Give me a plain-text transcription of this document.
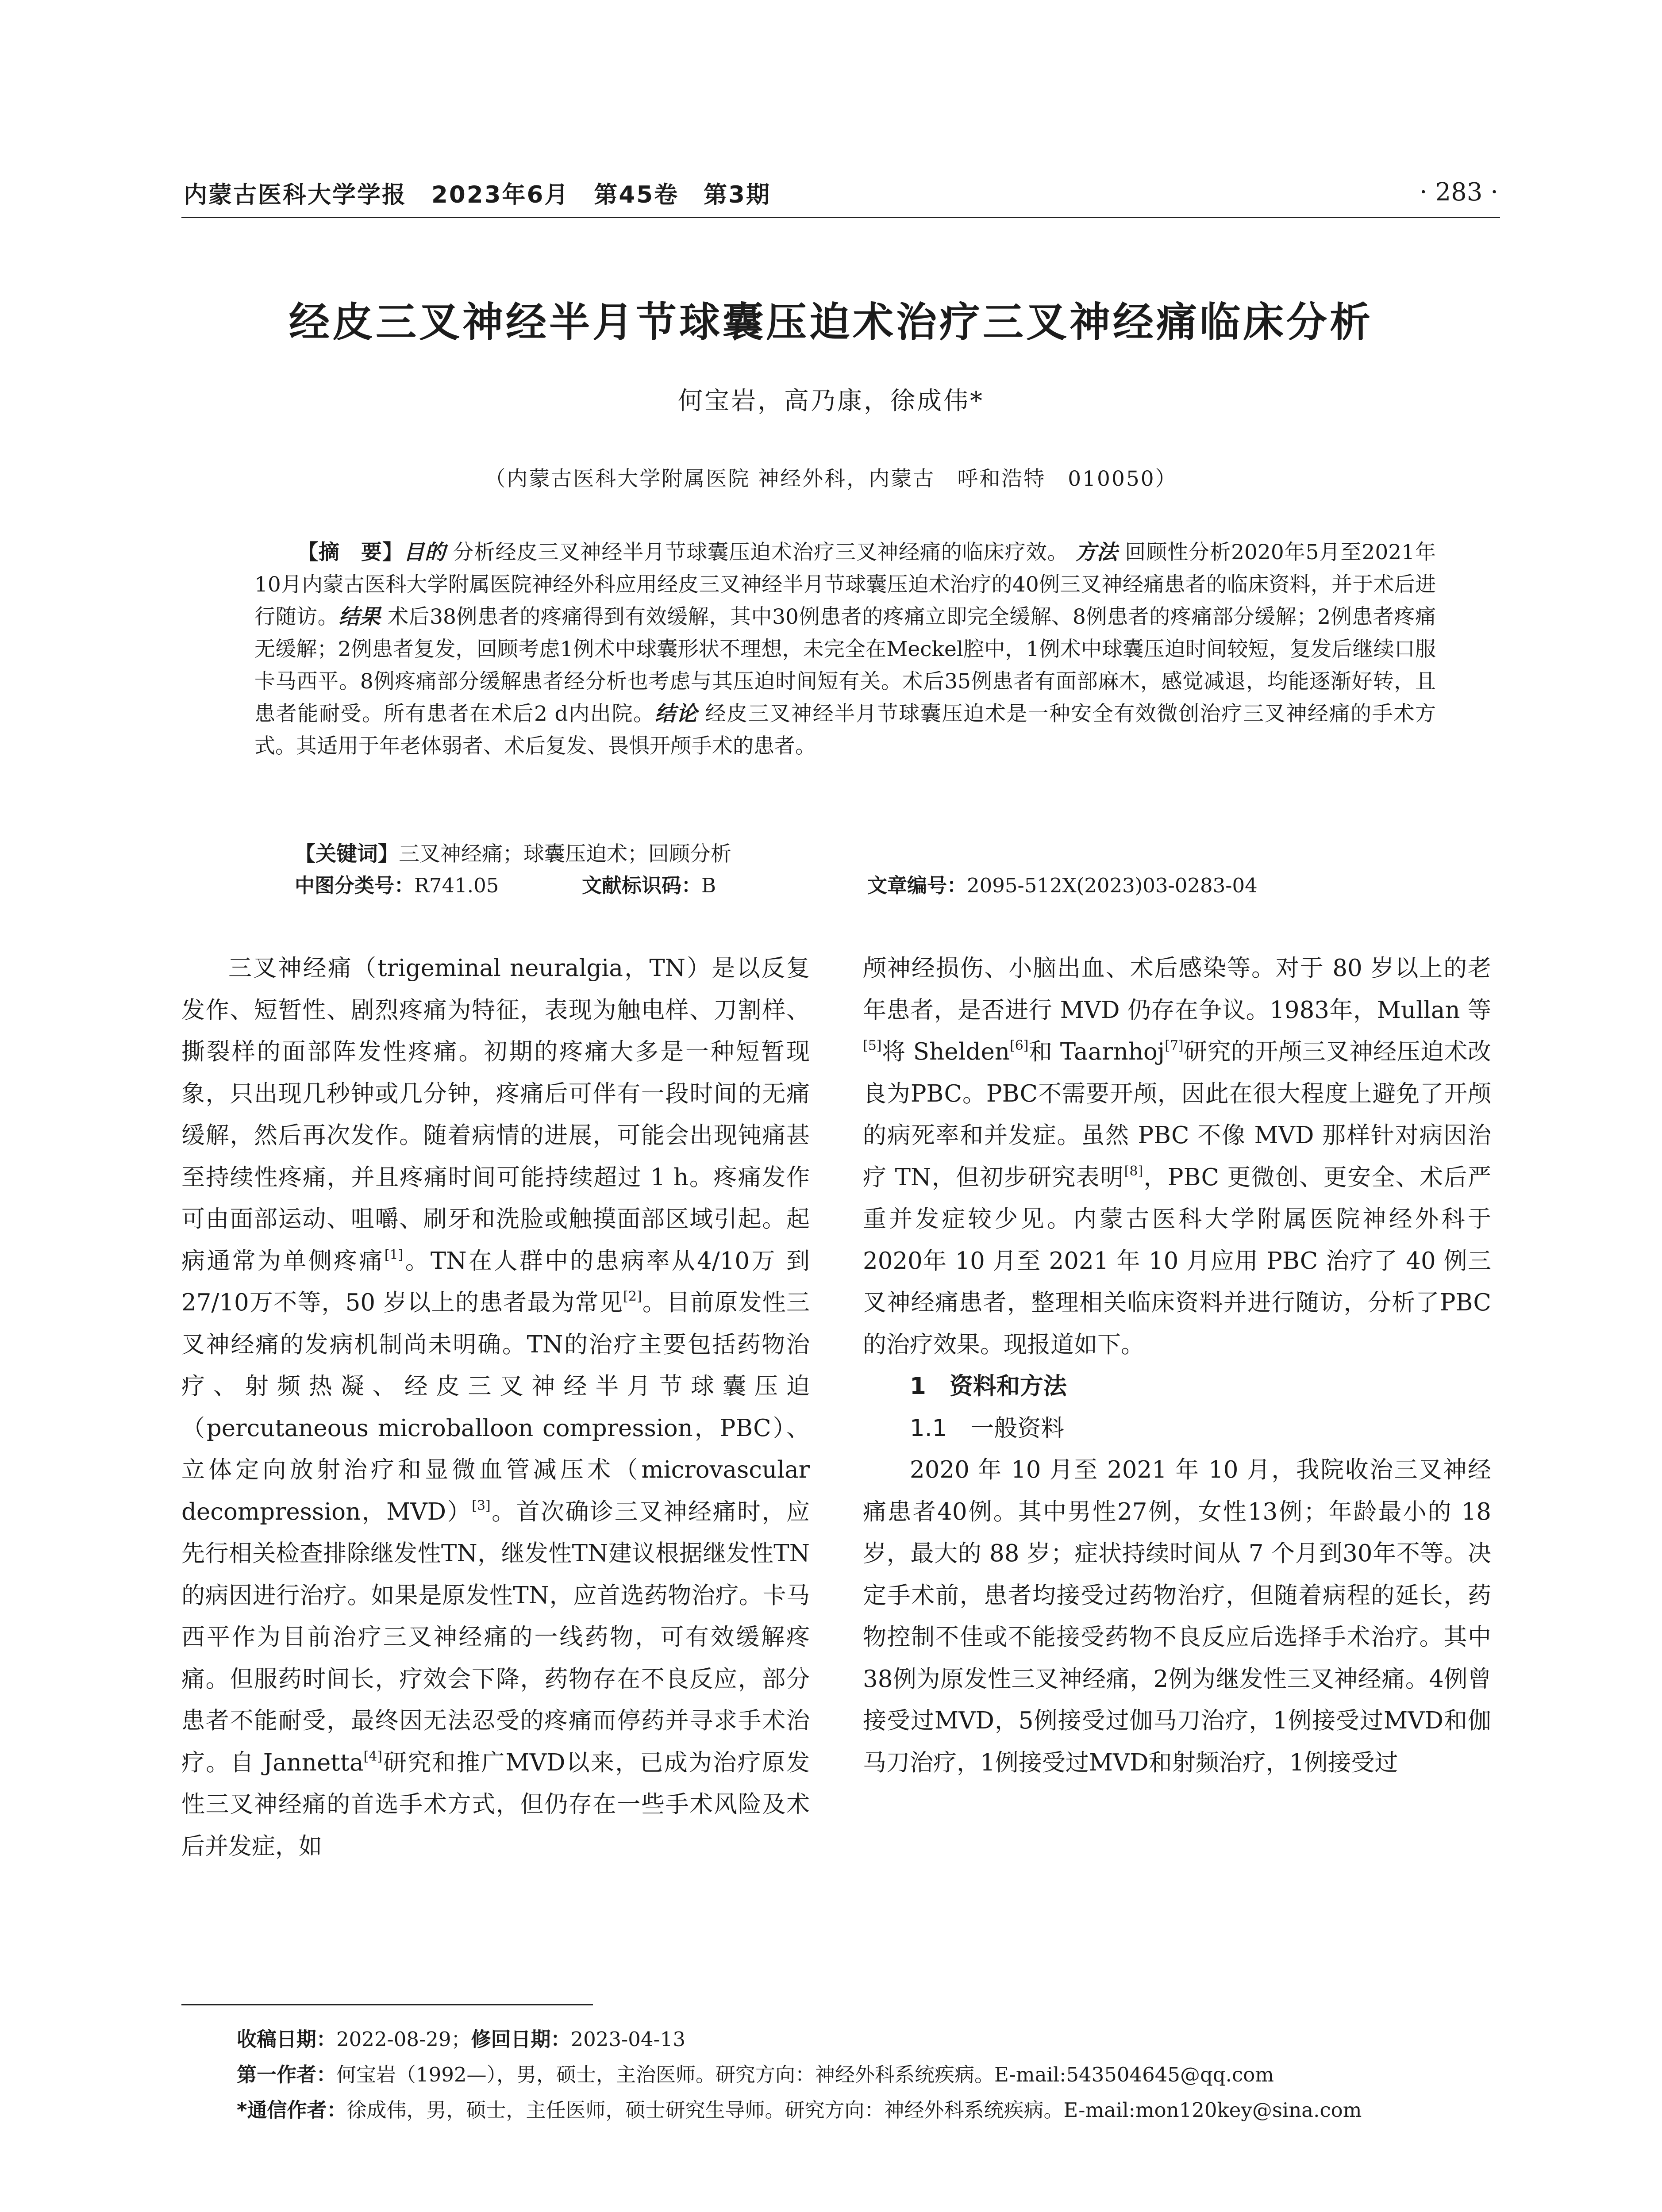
内蒙古医科大学学报　2023年6月　第45卷　第3期	· 283 ·
经皮三叉神经半月节球囊压迫术治疗三叉神经痛临床分析
何宝岩，高乃康，徐成伟*
（内蒙古医科大学附属医院 神经外科，内蒙古　呼和浩特　010050）
【摘　要】目的 分析经皮三叉神经半月节球囊压迫术治疗三叉神经痛的临床疗效。 方法 回顾性分析2020年5月至2021年10月内蒙古医科大学附属医院神经外科应用经皮三叉神经半月节球囊压迫术治疗的40例三叉神经痛患者的临床资料，并于术后进行随访。结果 术后38例患者的疼痛得到有效缓解，其中30例患者的疼痛立即完全缓解、8例患者的疼痛部分缓解；2例患者疼痛无缓解；2例患者复发，回顾考虑1例术中球囊形状不理想，未完全在Meckel腔中，1例术中球囊压迫时间较短，复发后继续口服卡马西平。8例疼痛部分缓解患者经分析也考虑与其压迫时间短有关。术后35例患者有面部麻木，感觉减退，均能逐渐好转，且患者能耐受。所有患者在术后2 d内出院。结论 经皮三叉神经半月节球囊压迫术是一种安全有效微创治疗三叉神经痛的手术方式。其适用于年老体弱者、术后复发、畏惧开颅手术的患者。
【关键词】三叉神经痛；球囊压迫术；回顾分析
中图分类号：R741.05	文献标识码：B	文章编号：2095-512X(2023)03-0283-04

三叉神经痛（trigeminal neuralgia，TN）是以反复发作、短暂性、剧烈疼痛为特征，表现为触电样、刀割样、撕裂样的面部阵发性疼痛。初期的疼痛大多是一种短暂现象，只出现几秒钟或几分钟，疼痛后可伴有一段时间的无痛缓解，然后再次发作。随着病情的进展，可能会出现钝痛甚至持续性疼痛，并且疼痛时间可能持续超过 1 h。疼痛发作可由面部运动、咀嚼、刷牙和洗脸或触摸面部区域引起。起病通常为单侧疼痛[1]。TN在人群中的患病率从4/10万 到 27/10万不等，50 岁以上的患者最为常见[2]。目前原发性三叉神经痛的发病机制尚未明确。TN的治疗主要包括药物治疗、射频热凝、经皮三叉神经半月节球囊压迫（percutaneous microballoon compression，PBC）、立体定向放射治疗和显微血管减压术（microvascular decompression，MVD）[3]。首次确诊三叉神经痛时，应先行相关检查排除继发性TN，继发性TN建议根据继发性TN的病因进行治疗。如果是原发性TN，应首选药物治疗。卡马西平作为目前治疗三叉神经痛的一线药物，可有效缓解疼痛。但服药时间长，疗效会下降，药物存在不良反应，部分患者不能耐受，最终因无法忍受的疼痛而停药并寻求手术治疗。自 Jannetta[4]研究和推广MVD以来，已成为治疗原发性三叉神经痛的首选手术方式，但仍存在一些手术风险及术后并发症，如

颅神经损伤、小脑出血、术后感染等。对于 80 岁以上的老年患者，是否进行 MVD 仍存在争议。1983年，Mullan 等[5]将 Shelden[6]和 Taarnhoj[7]研究的开颅三叉神经压迫术改良为PBC。PBC不需要开颅，因此在很大程度上避免了开颅的病死率和并发症。虽然 PBC 不像 MVD 那样针对病因治疗 TN，但初步研究表明[8]，PBC 更微创、更安全、术后严重并发症较少见。内蒙古医科大学附属医院神经外科于 2020年 10 月至 2021 年 10 月应用 PBC 治疗了 40 例三叉神经痛患者，整理相关临床资料并进行随访，分析了PBC的治疗效果。现报道如下。

1　资料和方法

1.1　一般资料

2020 年 10 月至 2021 年 10 月，我院收治三叉神经痛患者40例。其中男性27例，女性13例；年龄最小的 18 岁，最大的 88 岁；症状持续时间从 7 个月到30年不等。决定手术前，患者均接受过药物治疗，但随着病程的延长，药物控制不佳或不能接受药物不良反应后选择手术治疗。其中38例为原发性三叉神经痛，2例为继发性三叉神经痛。4例曾接受过MVD，5例接受过伽马刀治疗，1例接受过MVD和伽马刀治疗，1例接受过MVD和射频治疗，1例接受过

收稿日期：2022-08-29；修回日期：2023-04-13
第一作者：何宝岩（1992—），男，硕士，主治医师。研究方向：神经外科系统疾病。E-mail:543504645@qq.com
*通信作者：徐成伟，男，硕士，主任医师，硕士研究生导师。研究方向：神经外科系统疾病。E-mail:mon120key@sina.com
